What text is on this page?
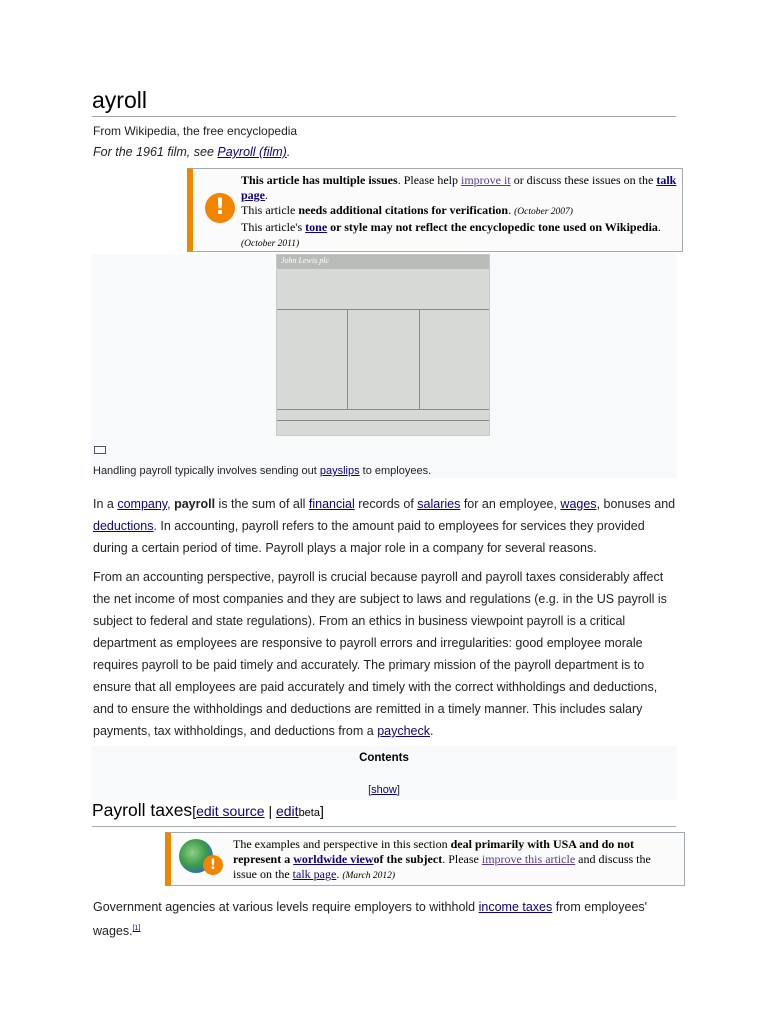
ayroll
From Wikipedia, the free encyclopedia
For the 1961 film, see Payroll (film).
!
This article has multiple issues. Please help improve it or discuss these issues on the talk page.
This article needs additional citations for verification. (October 2007)
This article's tone or style may not reflect the encyclopedic tone used on Wikipedia. (October 2011)
John Lewis plc
Handling payroll typically involves sending out payslips to employees.
In a company, payroll is the sum of all financial records of salaries for an employee, wages, bonuses and deductions. In accounting, payroll refers to the amount paid to employees for services they provided during a certain period of time. Payroll plays a major role in a company for several reasons.
From an accounting perspective, payroll is crucial because payroll and payroll taxes considerably affect the net income of most companies and they are subject to laws and regulations (e.g. in the US payroll is subject to federal and state regulations). From an ethics in business viewpoint payroll is a critical department as employees are responsive to payroll errors and irregularities: good employee morale requires payroll to be paid timely and accurately. The primary mission of the payroll department is to ensure that all employees are paid accurately and timely with the correct withholdings and deductions, and to ensure the withholdings and deductions are remitted in a timely manner. This includes salary payments, tax withholdings, and deductions from a paycheck.
Contents
[show]
Payroll taxes[edit source | editbeta]
!
The examples and perspective in this section deal primarily with USA and do not represent a worldwide viewof the subject. Please improve this article and discuss the issue on the talk page. (March 2012)
Government agencies at various levels require employers to withhold income taxes from employees' wages.[1]
